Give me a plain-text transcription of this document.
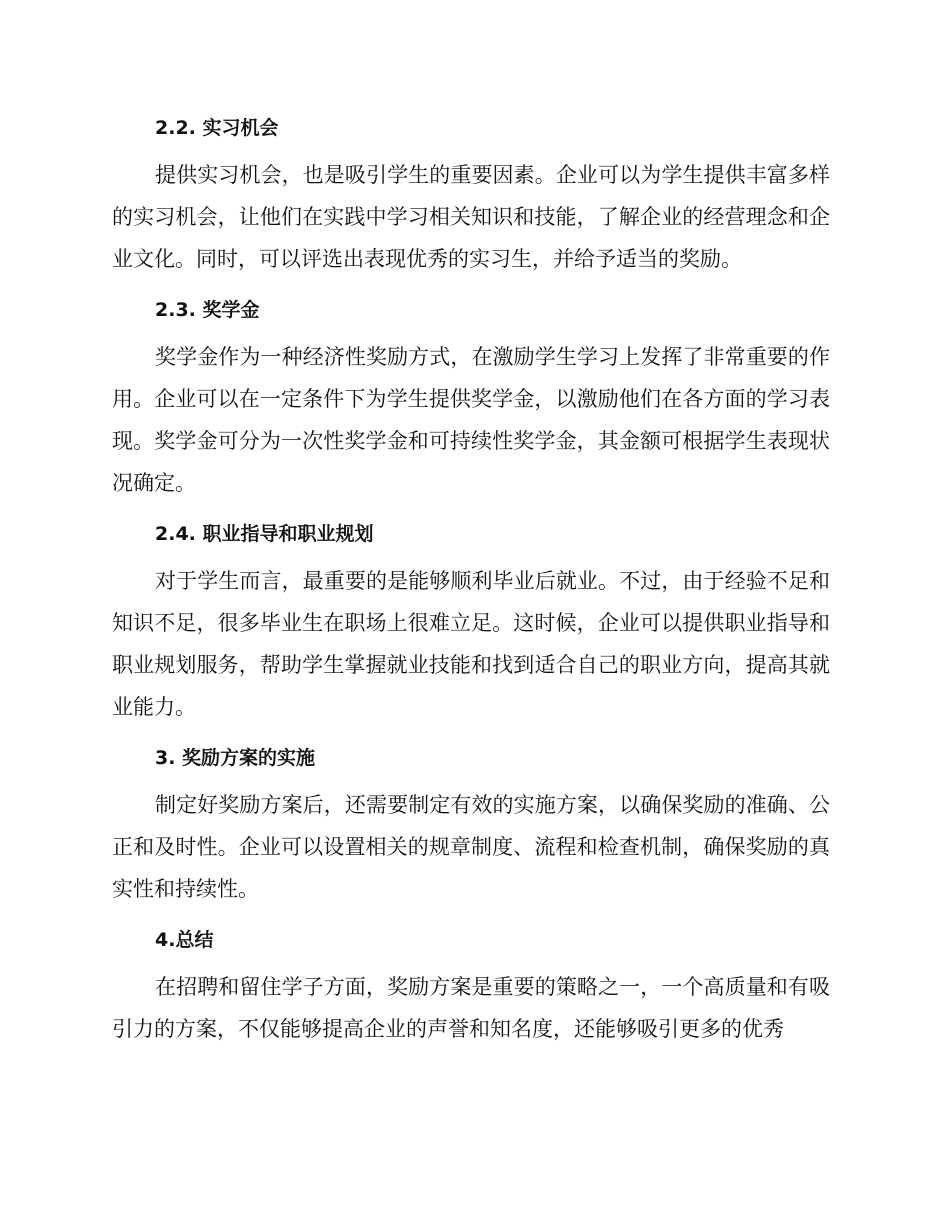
2.2. 实习机会

提供实习机会，也是吸引学生的重要因素。企业可以为学生提供丰富多样的实习机会，让他们在实践中学习相关知识和技能，了解企业的经营理念和企业文化。同时，可以评选出表现优秀的实习生，并给予适当的奖励。

2.3. 奖学金

奖学金作为一种经济性奖励方式，在激励学生学习上发挥了非常重要的作用。企业可以在一定条件下为学生提供奖学金，以激励他们在各方面的学习表现。奖学金可分为一次性奖学金和可持续性奖学金，其金额可根据学生表现状况确定。

2.4. 职业指导和职业规划

对于学生而言，最重要的是能够顺利毕业后就业。不过，由于经验不足和知识不足，很多毕业生在职场上很难立足。这时候，企业可以提供职业指导和职业规划服务，帮助学生掌握就业技能和找到适合自己的职业方向，提高其就业能力。

3. 奖励方案的实施

制定好奖励方案后，还需要制定有效的实施方案，以确保奖励的准确、公正和及时性。企业可以设置相关的规章制度、流程和检查机制，确保奖励的真实性和持续性。

4.总结

在招聘和留住学子方面，奖励方案是重要的策略之一，一个高质量和有吸引力的方案，不仅能够提高企业的声誉和知名度，还能够吸引更多的优秀
